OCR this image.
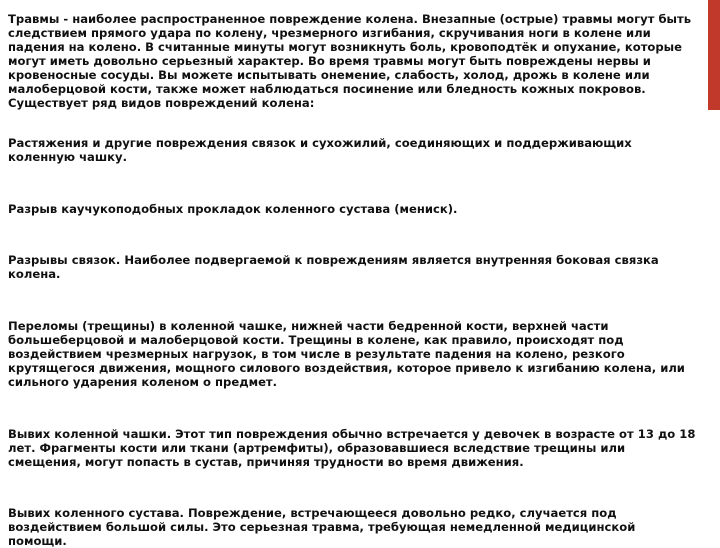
Травмы - наиболее распространенное повреждение колена. Внезапные (острые) травмы могут быть следствием прямого удара по колену, чрезмерного изгибания, скручивания ноги в колене или падения на колено. В считанные минуты могут возникнуть боль, кровоподтёк и опухание, которые могут иметь довольно серьезный характер. Во время травмы могут быть повреждены нервы и кровеносные сосуды. Вы можете испытывать онемение, слабость, холод, дрожь в колене или малоберцовой кости, также может наблюдаться посинение или бледность кожных покровов. Существует ряд видов повреждений колена:

Растяжения и другие повреждения связок и сухожилий, соединяющих и поддерживающих коленную чашку.

Разрыв каучукоподобных прокладок коленного сустава (мениск).

Разрывы связок. Наиболее подвергаемой к повреждениям является внутренняя боковая связка колена.

Переломы (трещины) в коленной чашке, нижней части бедренной кости, верхней части большеберцовой и малоберцовой кости. Трещины в колене, как правило, происходят под воздействием чрезмерных нагрузок, в том числе в результате падения на колено, резкого крутящегося движения, мощного силового воздействия, которое привело к изгибанию колена, или сильного ударения коленом о предмет.

Вывих коленной чашки. Этот тип повреждения обычно встречается у девочек в возрасте от 13 до 18 лет. Фрагменты кости или ткани (артремфиты), образовавшиеся вследствие трещины или смещения, могут попасть в сустав, причиняя трудности во время движения.

Вывих коленного сустава. Повреждение, встречающееся довольно редко, случается под воздействием большой силы. Это серьезная травма, требующая немедленной медицинской помощи.
